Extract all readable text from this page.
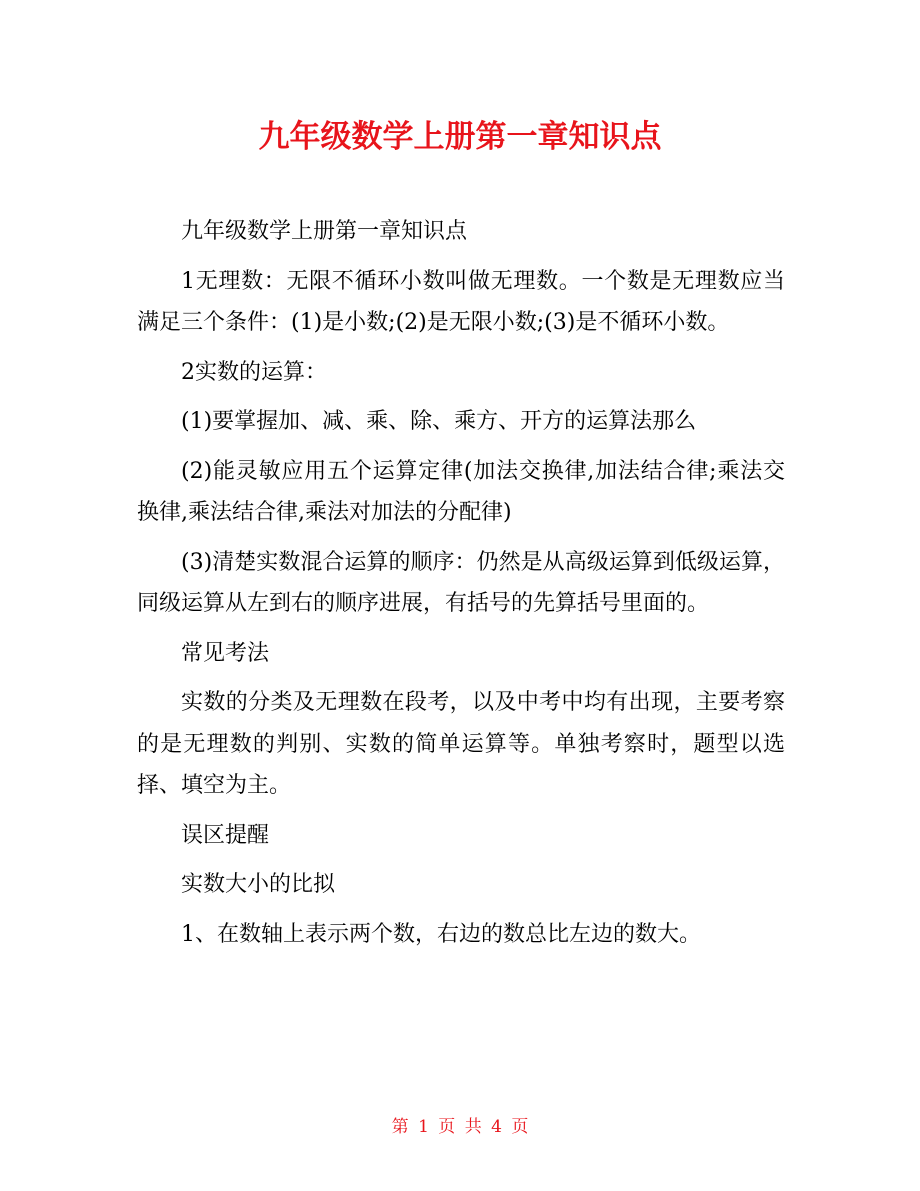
九年级数学上册第一章知识点

九年级数学上册第一章知识点

1无理数：无限不循环小数叫做无理数。一个数是无理数应当满足三个条件：(1)是小数;(2)是无限小数;(3)是不循环小数。

2实数的运算：

(1)要掌握加、减、乘、除、乘方、开方的运算法那么

(2)能灵敏应用五个运算定律(加法交换律,加法结合律;乘法交换律,乘法结合律,乘法对加法的分配律)

(3)清楚实数混合运算的顺序：仍然是从高级运算到低级运算，同级运算从左到右的顺序进展，有括号的先算括号里面的。

常见考法

实数的分类及无理数在段考，以及中考中均有出现，主要考察的是无理数的判别、实数的简单运算等。单独考察时，题型以选择、填空为主。

误区提醒

实数大小的比拟

1、在数轴上表示两个数，右边的数总比左边的数大。

第 1 页 共 4 页
